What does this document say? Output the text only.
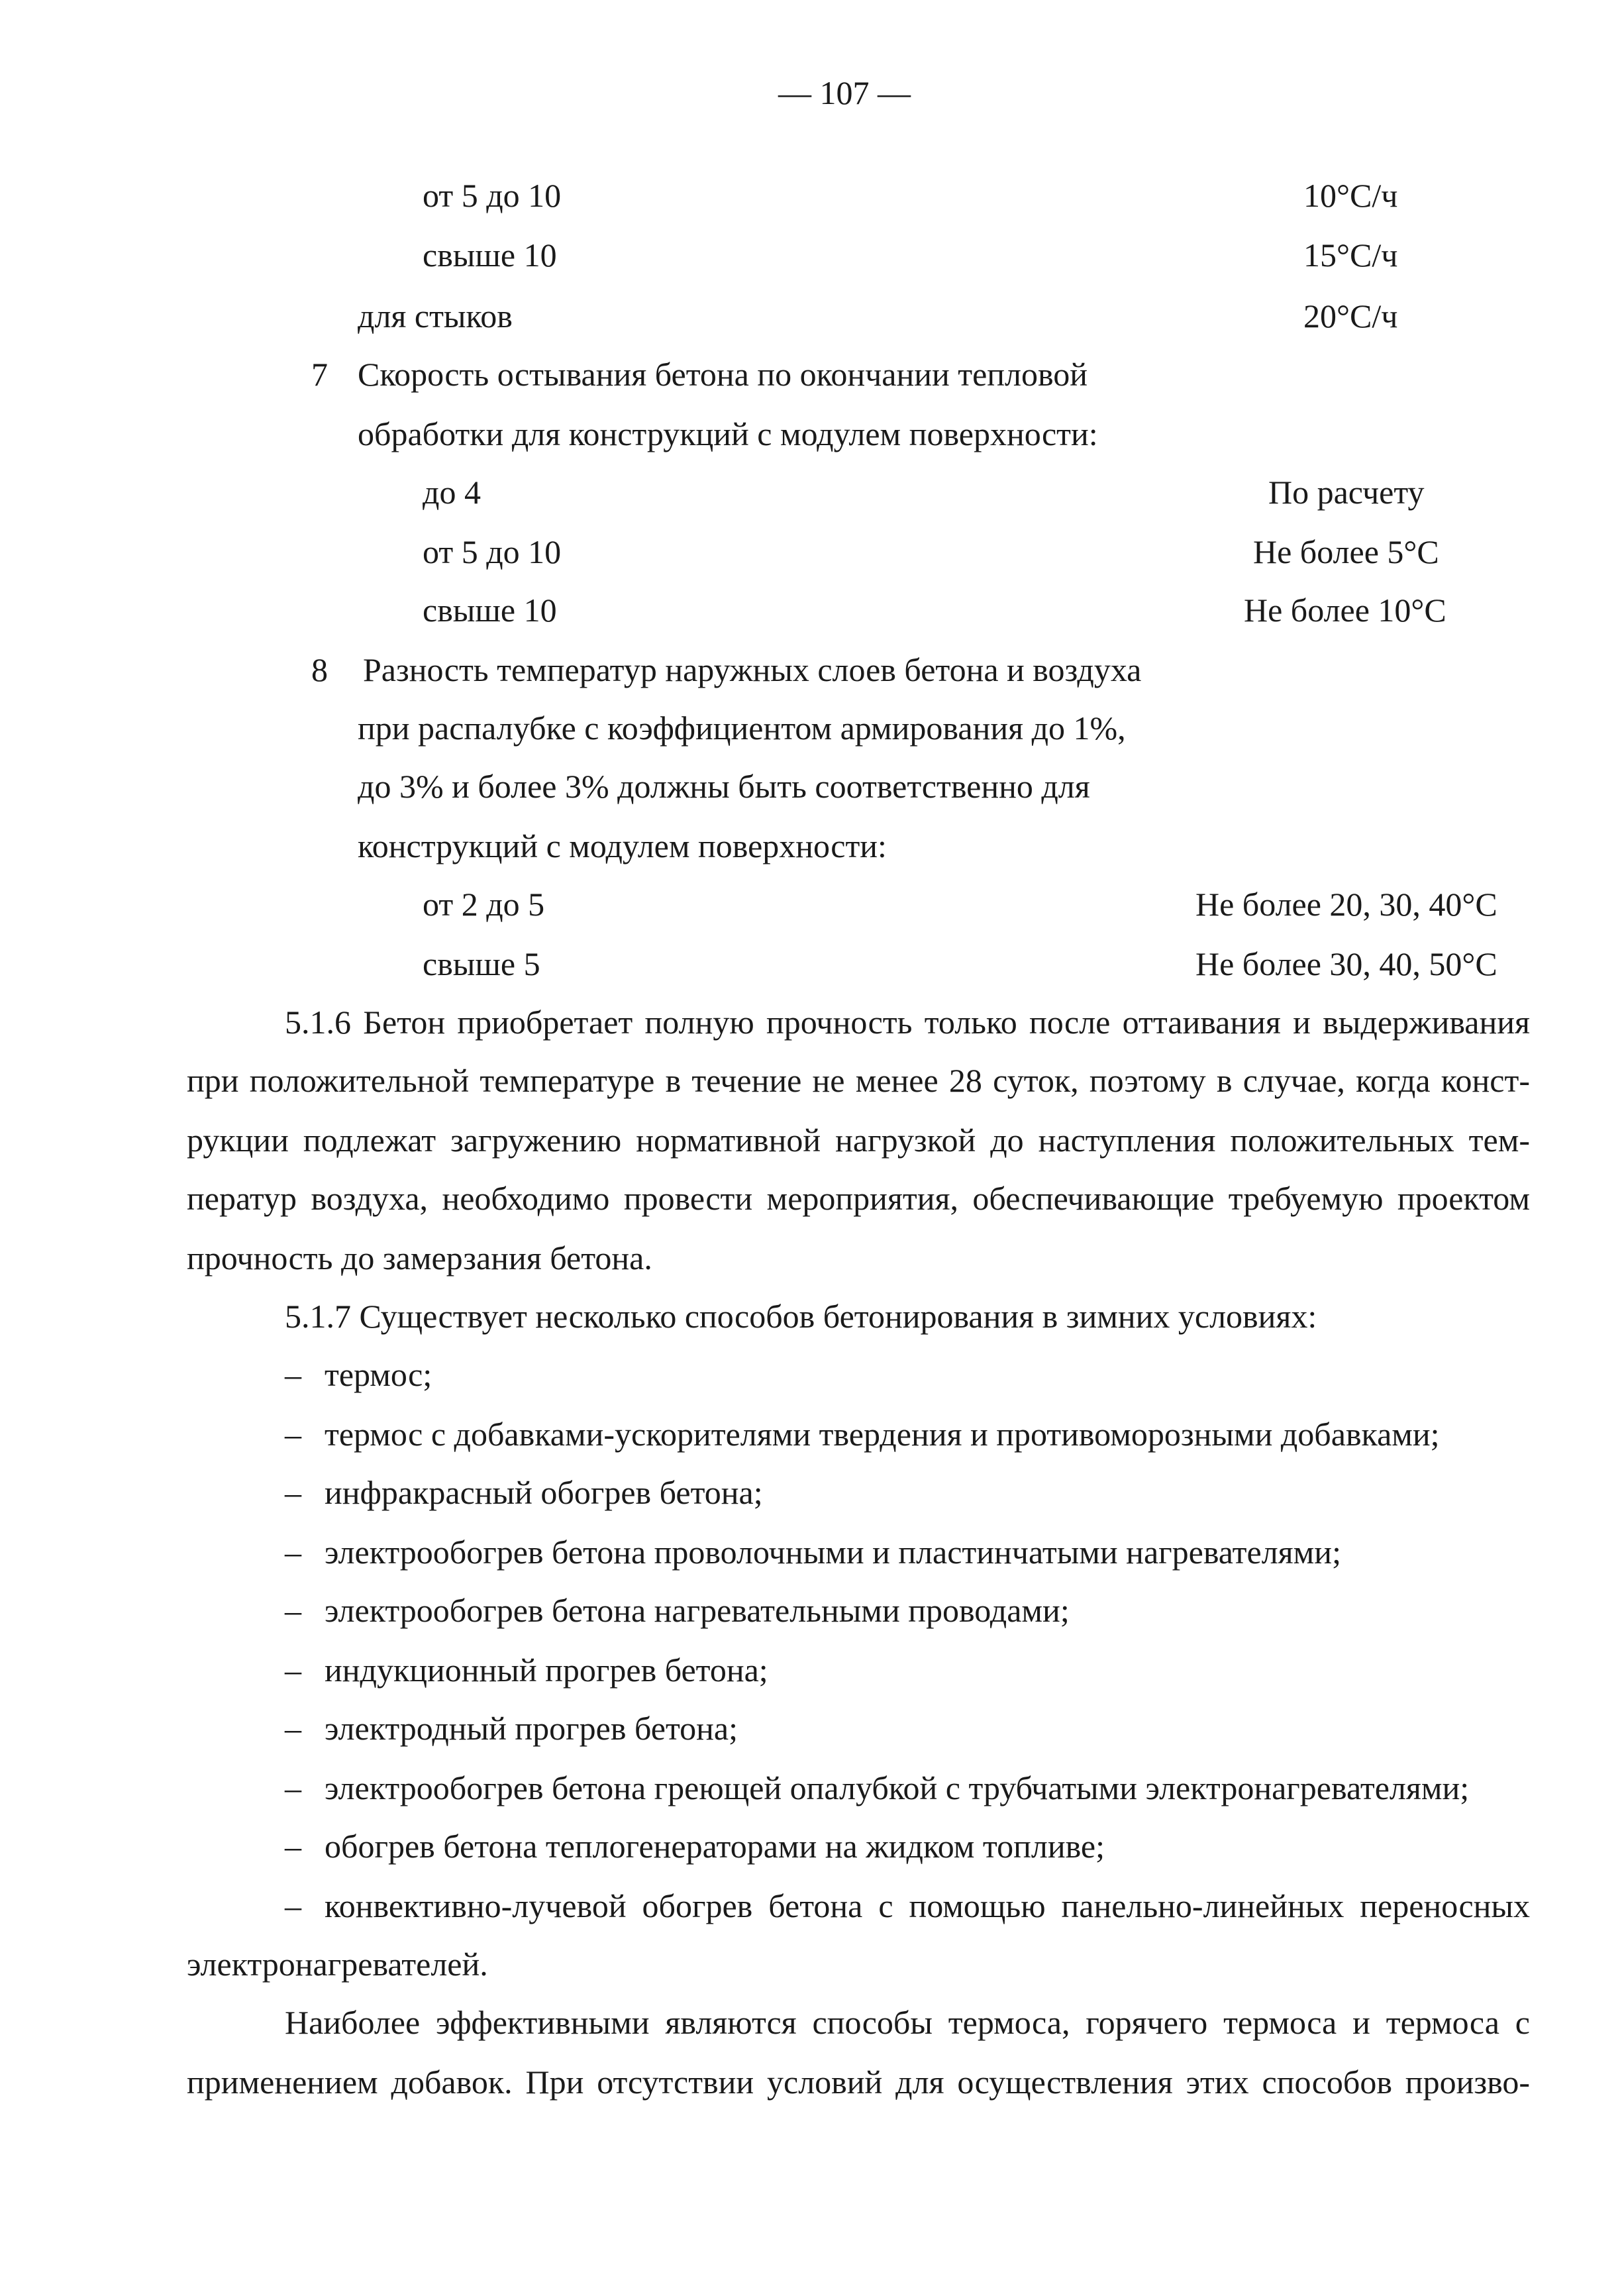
— 107 —
от 5 до 10	10°С/ч
свыше 10	15°С/ч
для стыков	20°С/ч
7 Скорость остывания бетона по окончании тепловой
обработки для конструкций с модулем поверхности:
до 4	По расчету
от 5 до 10	Не более 5°С
свыше 10	Не более 10°С
8 Разность температур наружных слоев бетона и воздуха
при распалубке с коэффициентом армирования до 1%,
до 3% и более 3% должны быть соответственно для
конструкций с модулем поверхности:
от 2 до 5	Не более 20, 30, 40°С
свыше 5	Не более 30, 40, 50°С
5.1.6 Бетон приобретает полную прочность только после оттаивания и выдерживания
при положительной температуре в течение не менее 28 суток, поэтому в случае, когда конст-
рукции подлежат загружению нормативной нагрузкой до наступления положительных тем-
ператур воздуха, необходимо провести мероприятия, обеспечивающие требуемую проектом
прочность до замерзания бетона.
5.1.7 Существует несколько способов бетонирования в зимних условиях:
– термос;
– термос с добавками-ускорителями твердения и противоморозными добавками;
– инфракрасный обогрев бетона;
– электрообогрев бетона проволочными и пластинчатыми нагревателями;
– электрообогрев бетона нагревательными проводами;
– индукционный прогрев бетона;
– электродный прогрев бетона;
– электрообогрев бетона греющей опалубкой с трубчатыми электронагревателями;
– обогрев бетона теплогенераторами на жидком топливе;
– конвективно-лучевой обогрев бетона с помощью панельно-линейных переносных
электронагревателей.
Наиболее эффективными являются способы термоса, горячего термоса и термоса с
применением добавок. При отсутствии условий для осуществления этих способов произво-
